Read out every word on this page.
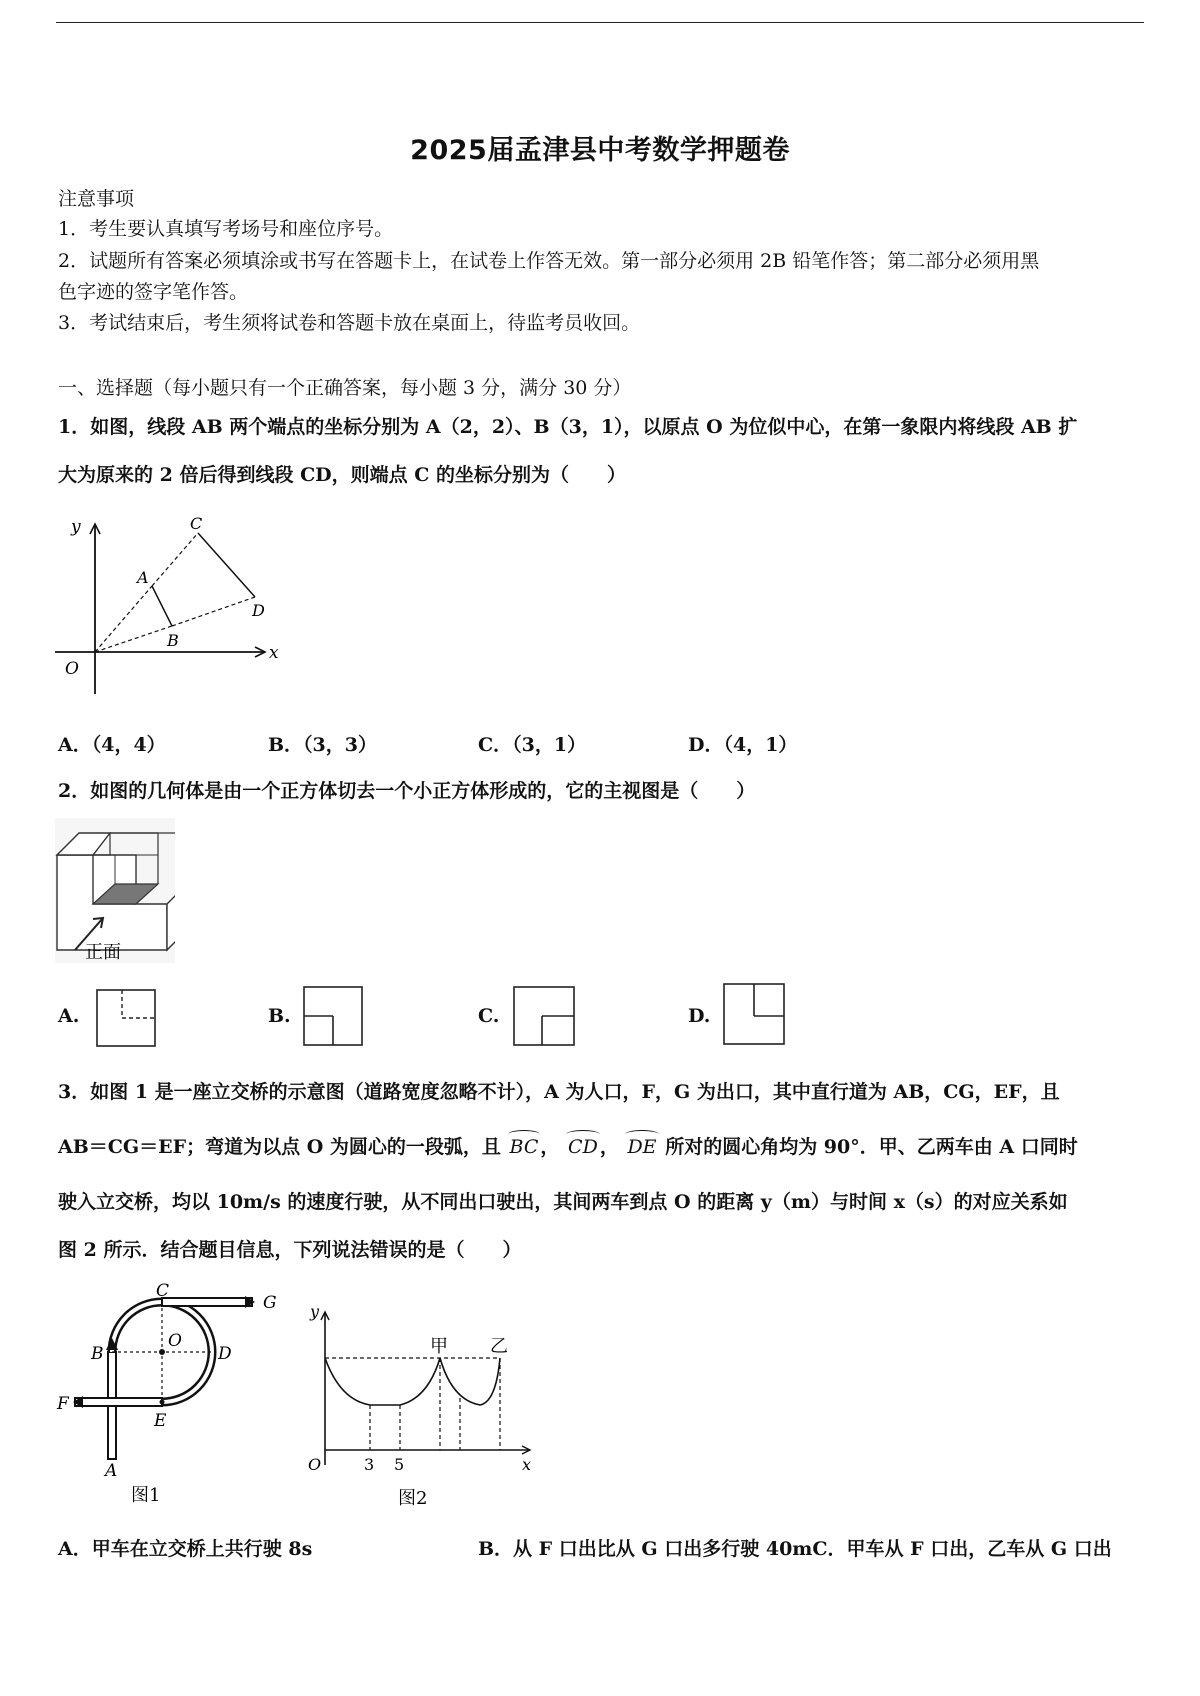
2025届孟津县中考数学押题卷
注意事项
1．考生要认真填写考场号和座位序号。
2．试题所有答案必须填涂或书写在答题卡上，在试卷上作答无效。第一部分必须用 2B 铅笔作答；第二部分必须用黑
色字迹的签字笔作答。
3．考试结束后，考生须将试卷和答题卡放在桌面上，待监考员收回。
一、选择题（每小题只有一个正确答案，每小题 3 分，满分 30 分）
1．如图，线段 AB 两个端点的坐标分别为 A（2，2）、B（3，1），以原点 O 为位似中心，在第一象限内将线段 AB 扩
大为原来的 2 倍后得到线段 CD，则端点 C 的坐标分别为（　　）
y
x
O
A
B
C
D
A．（4，4）	B．（3，3）	C．（3，1）	D．（4，1）
2．如图的几何体是由一个正方体切去一个小正方体形成的，它的主视图是（　　）
正面
A.	B.	C.	D.
3．如图 1 是一座立交桥的示意图（道路宽度忽略不计），A 为人口，F，G 为出口，其中直行道为 AB，CG，EF，且
AB＝CG＝EF；弯道为以点 O 为圆心的一段弧，且 BC ， CD ， DE 所对的圆心角均为 90°．甲、乙两车由 A 口同时
驶入立交桥，均以 10m/s 的速度行驶，从不同出口驶出，其间两车到点 O 的距离 y（m）与时间 x（s）的对应关系如
图 2 所示．结合题目信息，下列说法错误的是（　　）
C
G
B
O
D
F
E
A
图1
y
x
O	3 5
甲 乙
图2
A．甲车在立交桥上共行驶 8s	B．从 F 口出比从 G 口出多行驶 40mC．甲车从 F 口出，乙车从 G 口出
